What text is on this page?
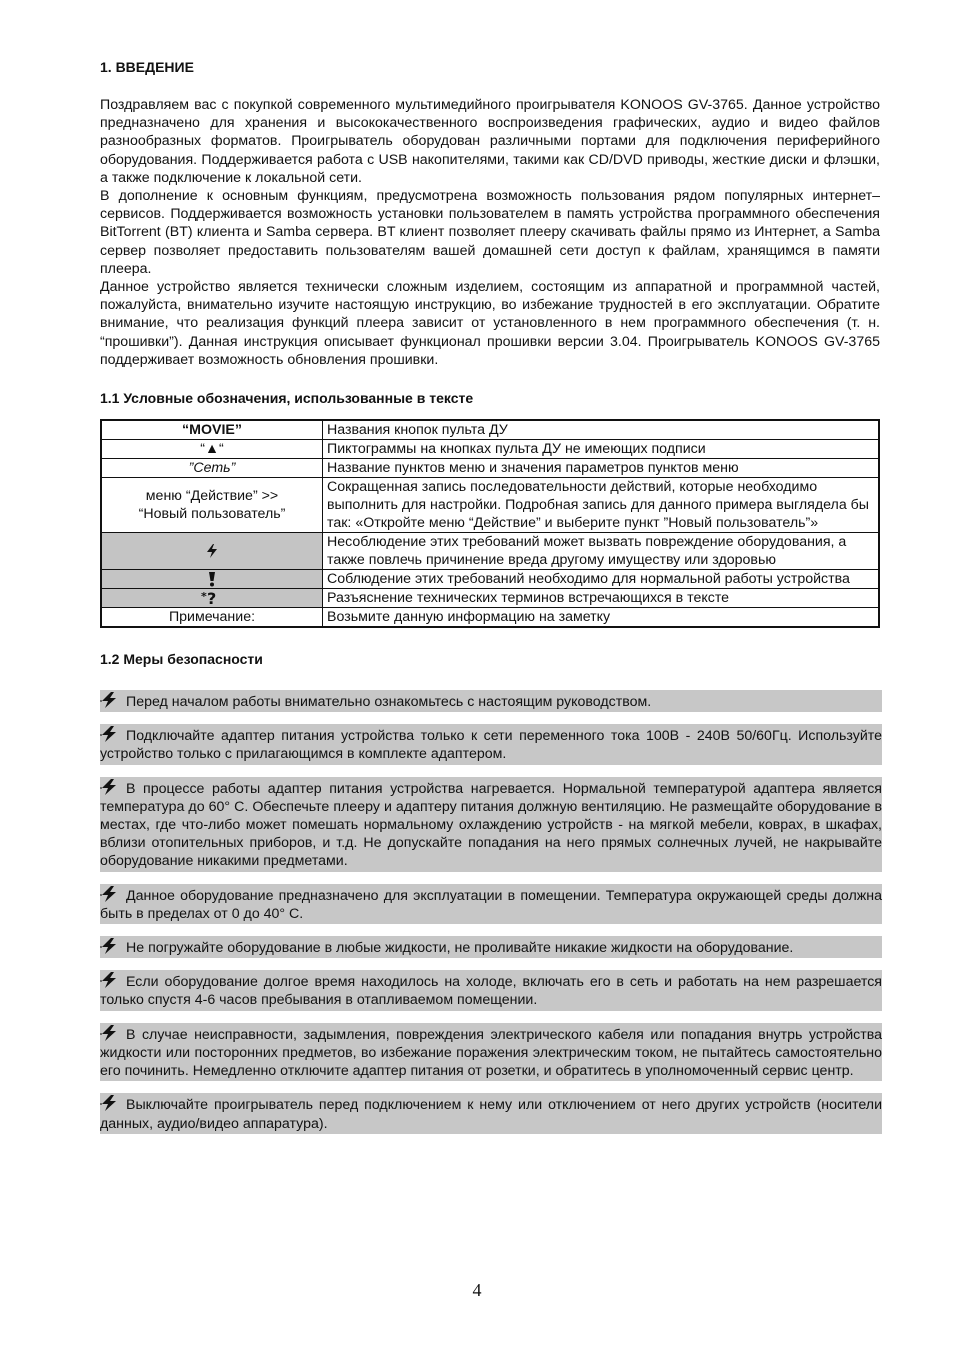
1. ВВЕДЕНИЕ

Поздравляем вас с покупкой современного мультимедийного проигрывателя KONOOS GV-3765. Данное устройство предназначено для хранения и высококачественного воспроизведения графических, аудио и видео файлов разнообразных форматов. Проигрыватель оборудован различными портами для подключения периферийного оборудования. Поддерживается работа с USB накопителями, такими как CD/DVD приводы, жесткие диски и флэшки, а также подключение к локальной сети.

В дополнение к основным функциям, предусмотрена возможность пользования рядом популярных интернет–сервисов. Поддерживается возможность установки пользователем в память устройства программного обеспечения BitTorrent (BT) клиента и Samba сервера. BT клиент позволяет плееру скачивать файлы прямо из Интернет, а Samba сервер позволяет предоставить пользователям вашей домашней сети доступ к файлам, хранящимся в памяти плеера.

Данное устройство является технически сложным изделием, состоящим из аппаратной и программной частей, пожалуйста, внимательно изучите настоящую инструкцию, во избежание трудностей в его эксплуатации. Обратите внимание, что реализация функций плеера зависит от установленного в нем программного обеспечения (т. н. “прошивки”). Данная инструкция описывает функционал прошивки версии 3.04. Проигрыватель KONOOS GV-3765 поддерживает возможность обновления прошивки.

1.1 Условные обозначения, использованные в тексте
“MOVIE”	Названия кнопок пульта ДУ
“▲“	Пиктограммы на кнопках пульта ДУ не имеющих подписи
”Сеть”	Название пунктов меню и значения параметров пунктов меню
меню “Действие” >>
“Новый пользователь”	Сокращенная запись последовательности действий, которые необходимо выполнить для настройки. Подробная запись для данного примера выглядела бы так: «Откройте меню “Действие” и выберите пункт ”Новый пользователь”»

	Несоблюдение этих требований может вызвать повреждение оборудования, а также повлечь причинение вреда другому имуществу или здоровью

	Соблюдение этих требований необходимо для нормальной работы устройства

* ?	Разъяснение технических терминов встречающихся в тексте
Примечание:	Возьмите данную информацию на заметку
1.2 Меры безопасности
Перед началом работы внимательно ознакомьтесь с настоящим руководством.
Подключайте адаптер питания устройства только к сети переменного тока 100В - 240В 50/60Гц. Используйте устройство только с прилагающимся в комплекте адаптером.
В процессе работы адаптер питания устройства нагревается. Нормальной температурой адаптера является температура до 60° С. Обеспечьте плееру и адаптеру питания должную вентиляцию. Не размещайте оборудование в местах, где что-либо может помешать нормальному охлаждению устройств - на мягкой мебели, коврах, в шкафах, вблизи отопительных приборов, и т.д. Не допускайте попадания на него прямых солнечных лучей, не накрывайте оборудование никакими предметами.
Данное оборудование предназначено для эксплуатации в помещении. Температура окружающей среды должна быть в пределах от 0 до 40° С.
Не погружайте оборудование в любые жидкости, не проливайте никакие жидкости на оборудование.
Если оборудование долгое время находилось на холоде, включать его в сеть и работать на нем разрешается только спустя 4-6 часов пребывания в отапливаемом помещении.
В случае неисправности, задымления, повреждения электрического кабеля или попадания внутрь устройства жидкости или посторонних предметов, во избежание поражения электрическим током, не пытайтесь самостоятельно его починить. Немедленно отключите адаптер питания от розетки, и обратитесь в уполномоченный сервис центр.
Выключайте проигрыватель перед подключением к нему или отключением от него других устройств (носители данных, аудио/видео аппаратура).
4
